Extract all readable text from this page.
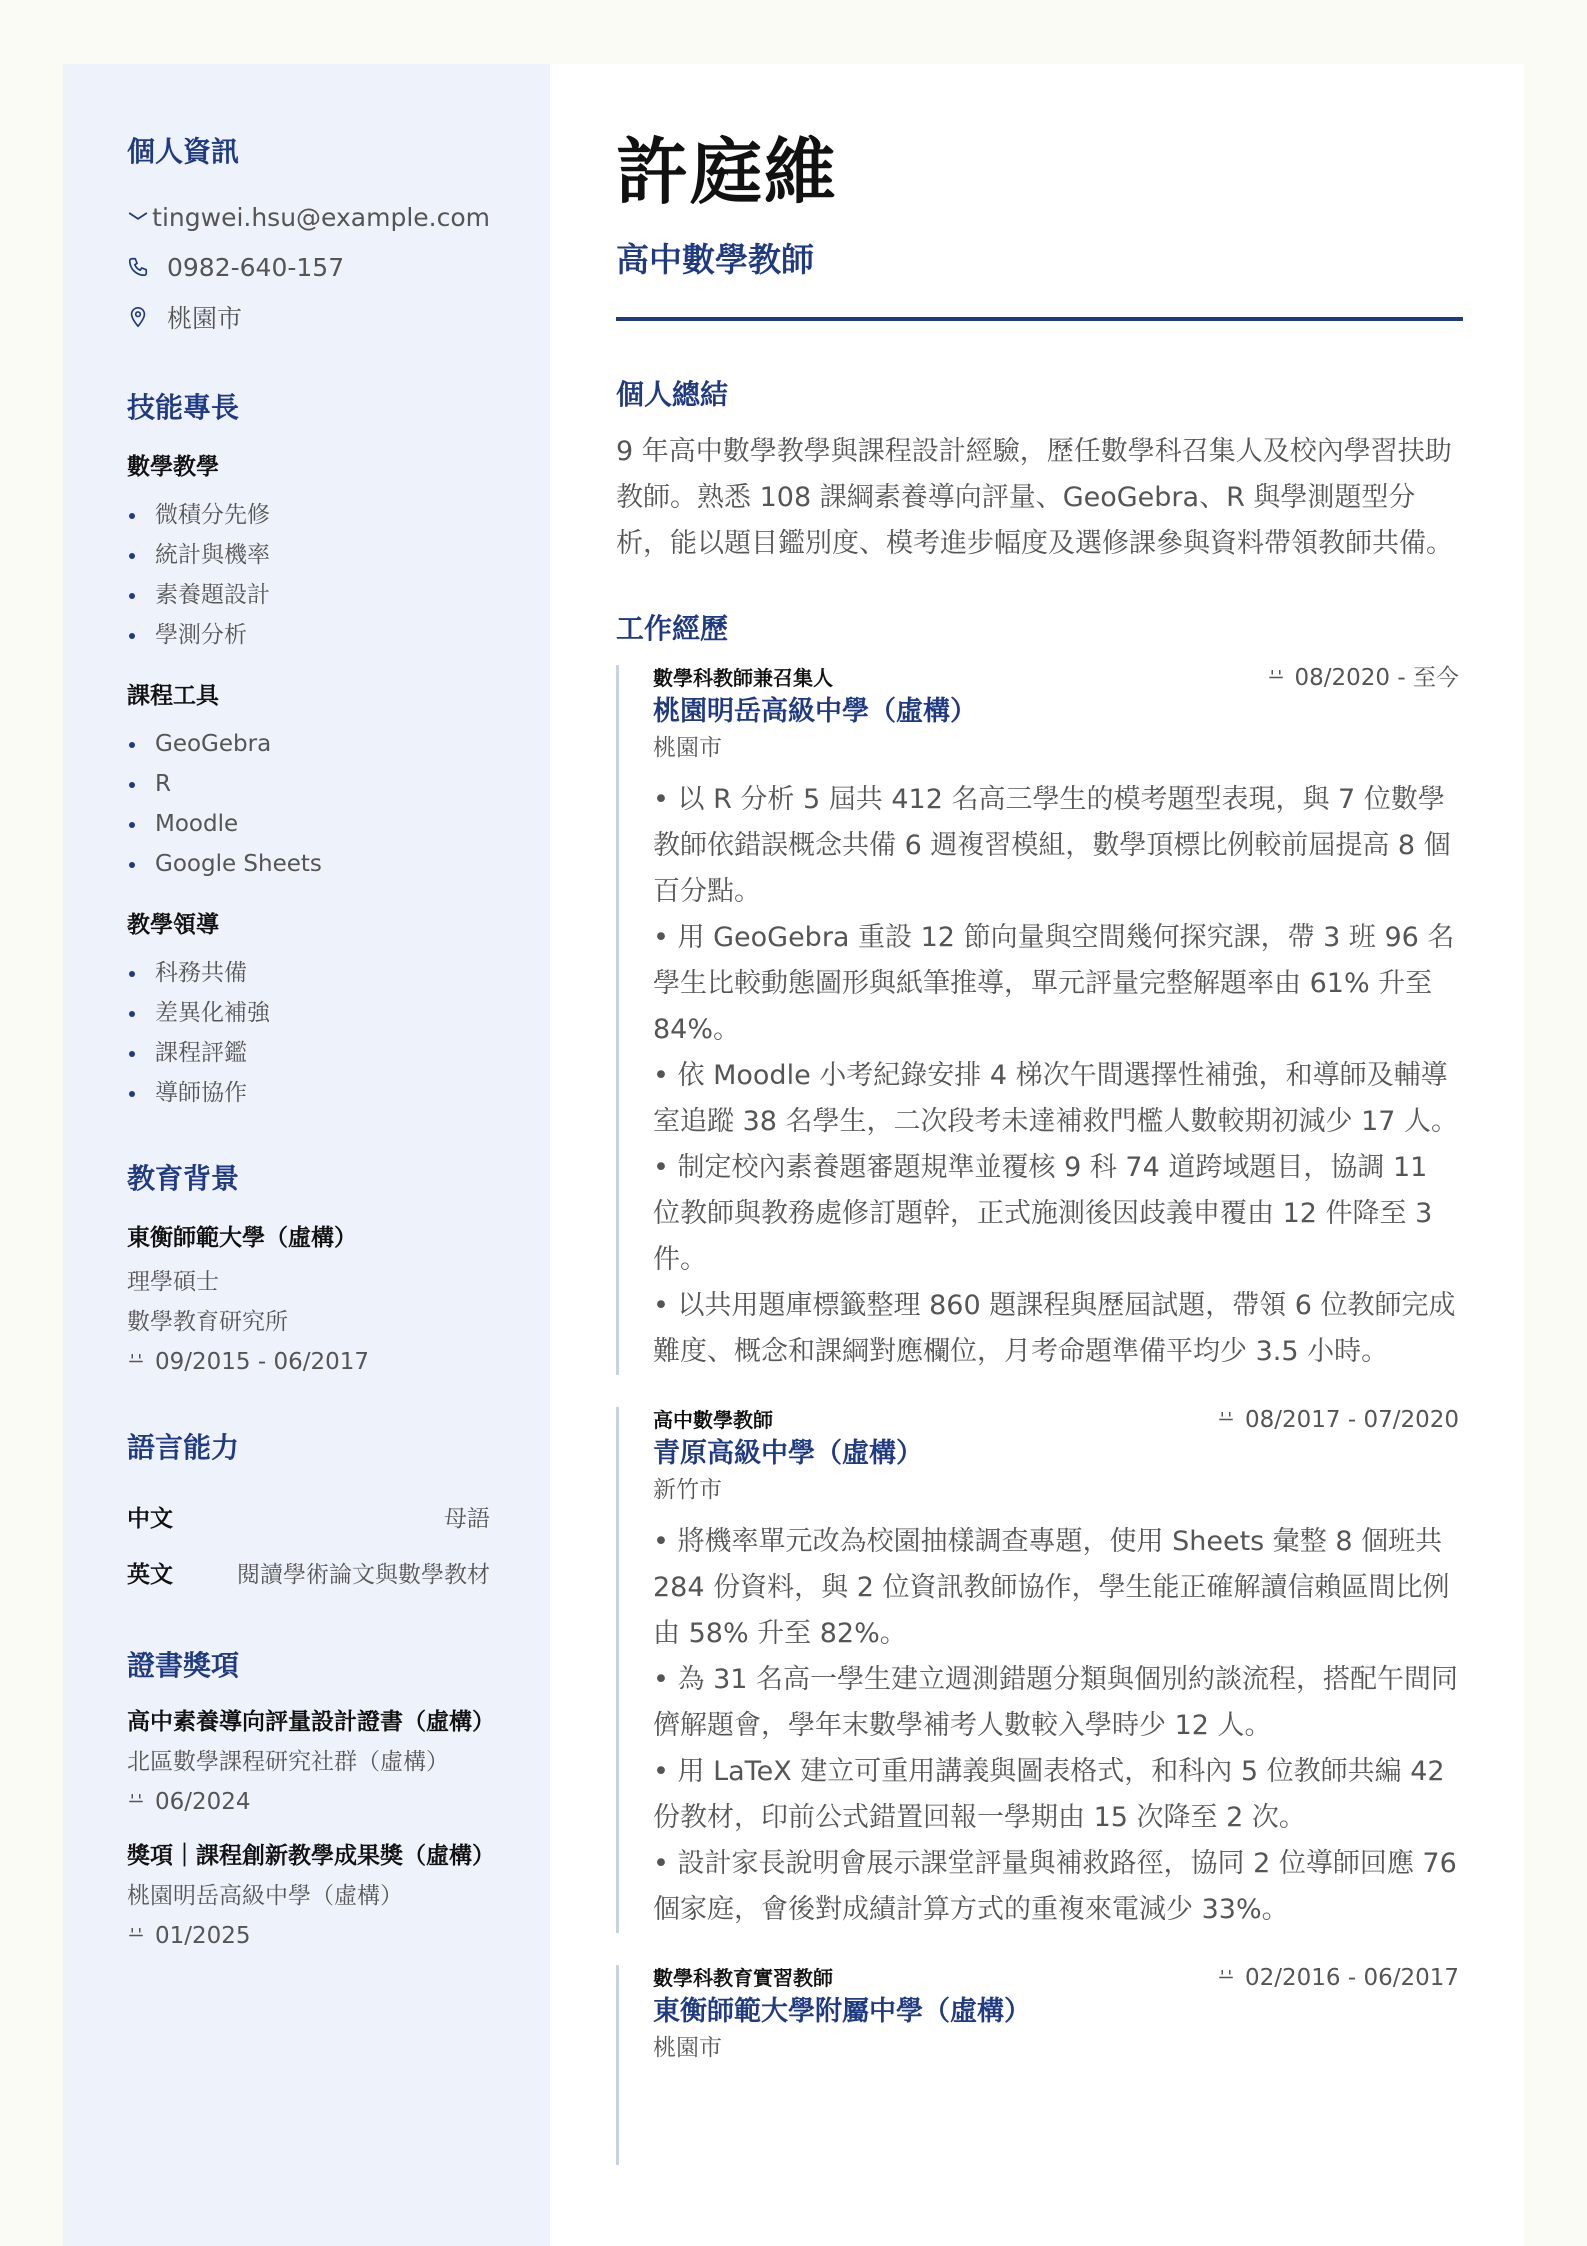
個人資訊
tingwei.hsu@example.com
0982-640-157
桃園市
技能專長
數學教學
微積分先修
統計與機率
素養題設計
學測分析
課程工具
GeoGebra
R
Moodle
Google Sheets
教學領導
科務共備
差異化補強
課程評鑑
導師協作
教育背景
東衡師範大學（虛構）
理學碩士
數學教育研究所
09/2015 - 06/2017
語言能力
中文	母語
英文	閱讀學術論文與數學教材
證書獎項
高中素養導向評量設計證書（虛構）
北區數學課程研究社群（虛構）
06/2024
獎項｜課程創新教學成果獎（虛構）
桃園明岳高級中學（虛構）
01/2025
許庭維
高中數學教師
個人總結

9 年高中數學教學與課程設計經驗，歷任數學科召集人及校內學習扶助教師。熟悉 108 課綱素養導向評量、GeoGebra、R 與學測題型分析，能以題目鑑別度、模考進步幅度及選修課參與資料帶領教師共備。

工作經歷
數學科教師兼召集人	08/2020 - 至今
桃園明岳高級中學（虛構）
桃園市

• 以 R 分析 5 屆共 412 名高三學生的模考題型表現，與 7 位數學教師依錯誤概念共備 6 週複習模組，數學頂標比例較前屆提高 8 個百分點。

• 用 GeoGebra 重設 12 節向量與空間幾何探究課，帶 3 班 96 名學生比較動態圖形與紙筆推導，單元評量完整解題率由 61% 升至 84%。

• 依 Moodle 小考紀錄安排 4 梯次午間選擇性補強，和導師及輔導室追蹤 38 名學生，二次段考未達補救門檻人數較期初減少 17 人。

• 制定校內素養題審題規準並覆核 9 科 74 道跨域題目，協調 11 位教師與教務處修訂題幹，正式施測後因歧義申覆由 12 件降至 3 件。

• 以共用題庫標籤整理 860 題課程與歷屆試題，帶領 6 位教師完成難度、概念和課綱對應欄位，月考命題準備平均少 3.5 小時。

高中數學教師	08/2017 - 07/2020
青原高級中學（虛構）
新竹市

• 將機率單元改為校園抽樣調查專題，使用 Sheets 彙整 8 個班共 284 份資料，與 2 位資訊教師協作，學生能正確解讀信賴區間比例由 58% 升至 82%。

• 為 31 名高一學生建立週測錯題分類與個別約談流程，搭配午間同儕解題會，學年末數學補考人數較入學時少 12 人。

• 用 LaTeX 建立可重用講義與圖表格式，和科內 5 位教師共編 42 份教材，印前公式錯置回報一學期由 15 次降至 2 次。

• 設計家長說明會展示課堂評量與補救路徑，協同 2 位導師回應 76 個家庭，會後對成績計算方式的重複來電減少 33%。

數學科教育實習教師	02/2016 - 06/2017
東衡師範大學附屬中學（虛構）
桃園市
